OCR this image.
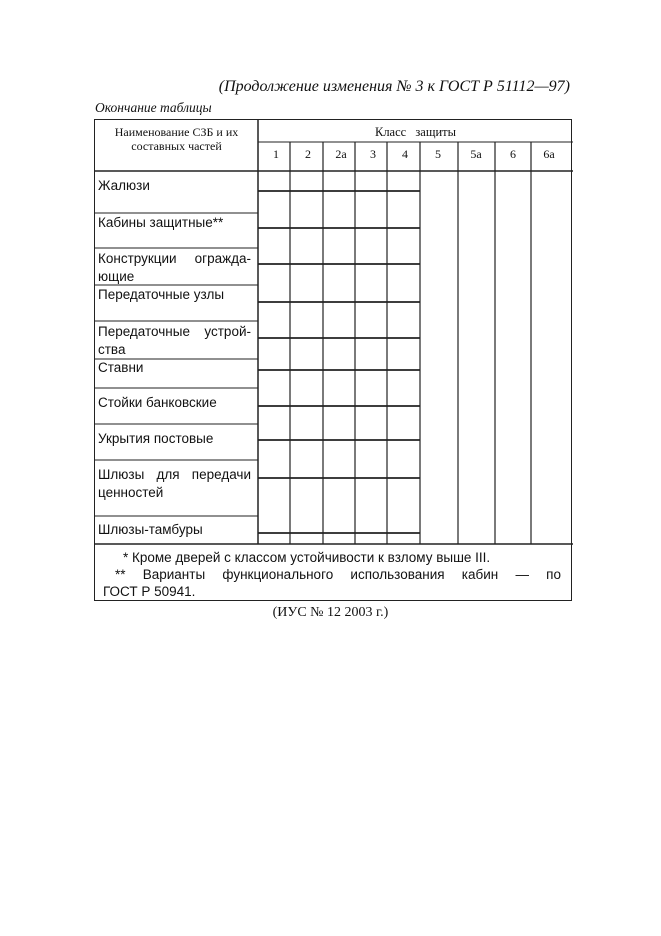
(Продолжение изменения № 3 к ГОСТ Р 51112—97)
Окончание таблицы
Наименование СЗБ и их составных частей
Класс защиты
1	2	2а	3	4	5	5а	6	6а
Жалюзи
Кабины защитные**
Конструкции огражда-
ющие
Передаточные узлы
Передаточные устрой-
ства
Ставни
Стойки банковские
Укрытия постовые
Шлюзы для передачи
ценностей
Шлюзы-тамбуры
* Кроме дверей с классом устойчивости к взлому выше III.
** Варианты функционального использования кабин — по
ГОСТ Р 50941.
(ИУС № 12 2003 г.)
